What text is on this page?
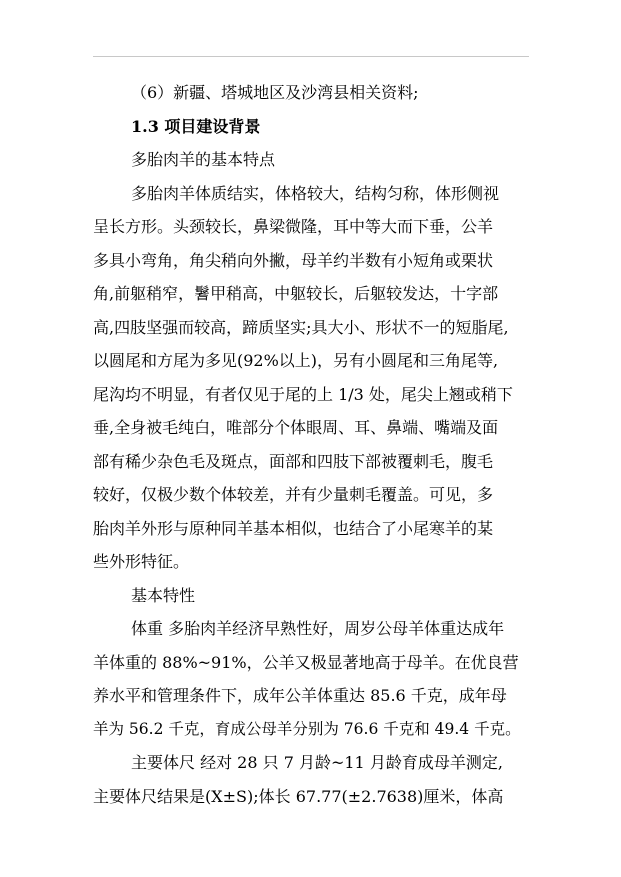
（6）新疆、塔城地区及沙湾县相关资料;
1.3 项目建设背景
多胎肉羊的基本特点
多胎肉羊体质结实，体格较大，结构匀称，体形侧视
呈长方形。头颈较长，鼻梁微隆，耳中等大而下垂，公羊
多具小弯角，角尖稍向外撇，母羊约半数有小短角或栗状
角,前躯稍窄，鬐甲稍高，中躯较长，后躯较发达，十字部
高,四肢坚强而较高，蹄质坚实;具大小、形状不一的短脂尾,
以圆尾和方尾为多见(92%以上)，另有小圆尾和三角尾等,
尾沟均不明显，有者仅见于尾的上 1/3 处，尾尖上翘或稍下
垂,全身被毛纯白，唯部分个体眼周、耳、鼻端、嘴端及面
部有稀少杂色毛及斑点，面部和四肢下部被覆刺毛，腹毛
较好，仅极少数个体较差，并有少量刺毛覆盖。可见，多
胎肉羊外形与原种同羊基本相似，也结合了小尾寒羊的某
些外形特征。
基本特性
体重 多胎肉羊经济早熟性好，周岁公母羊体重达成年
羊体重的 88%~91%，公羊又极显著地高于母羊。在优良营
养水平和管理条件下，成年公羊体重达 85.6 千克，成年母
羊为 56.2 千克，育成公母羊分别为 76.6 千克和 49.4 千克。
主要体尺 经对 28 只 7 月龄~11 月龄育成母羊测定,
主要体尺结果是(X±S);体长 67.77(±2.7638)厘米，体高
